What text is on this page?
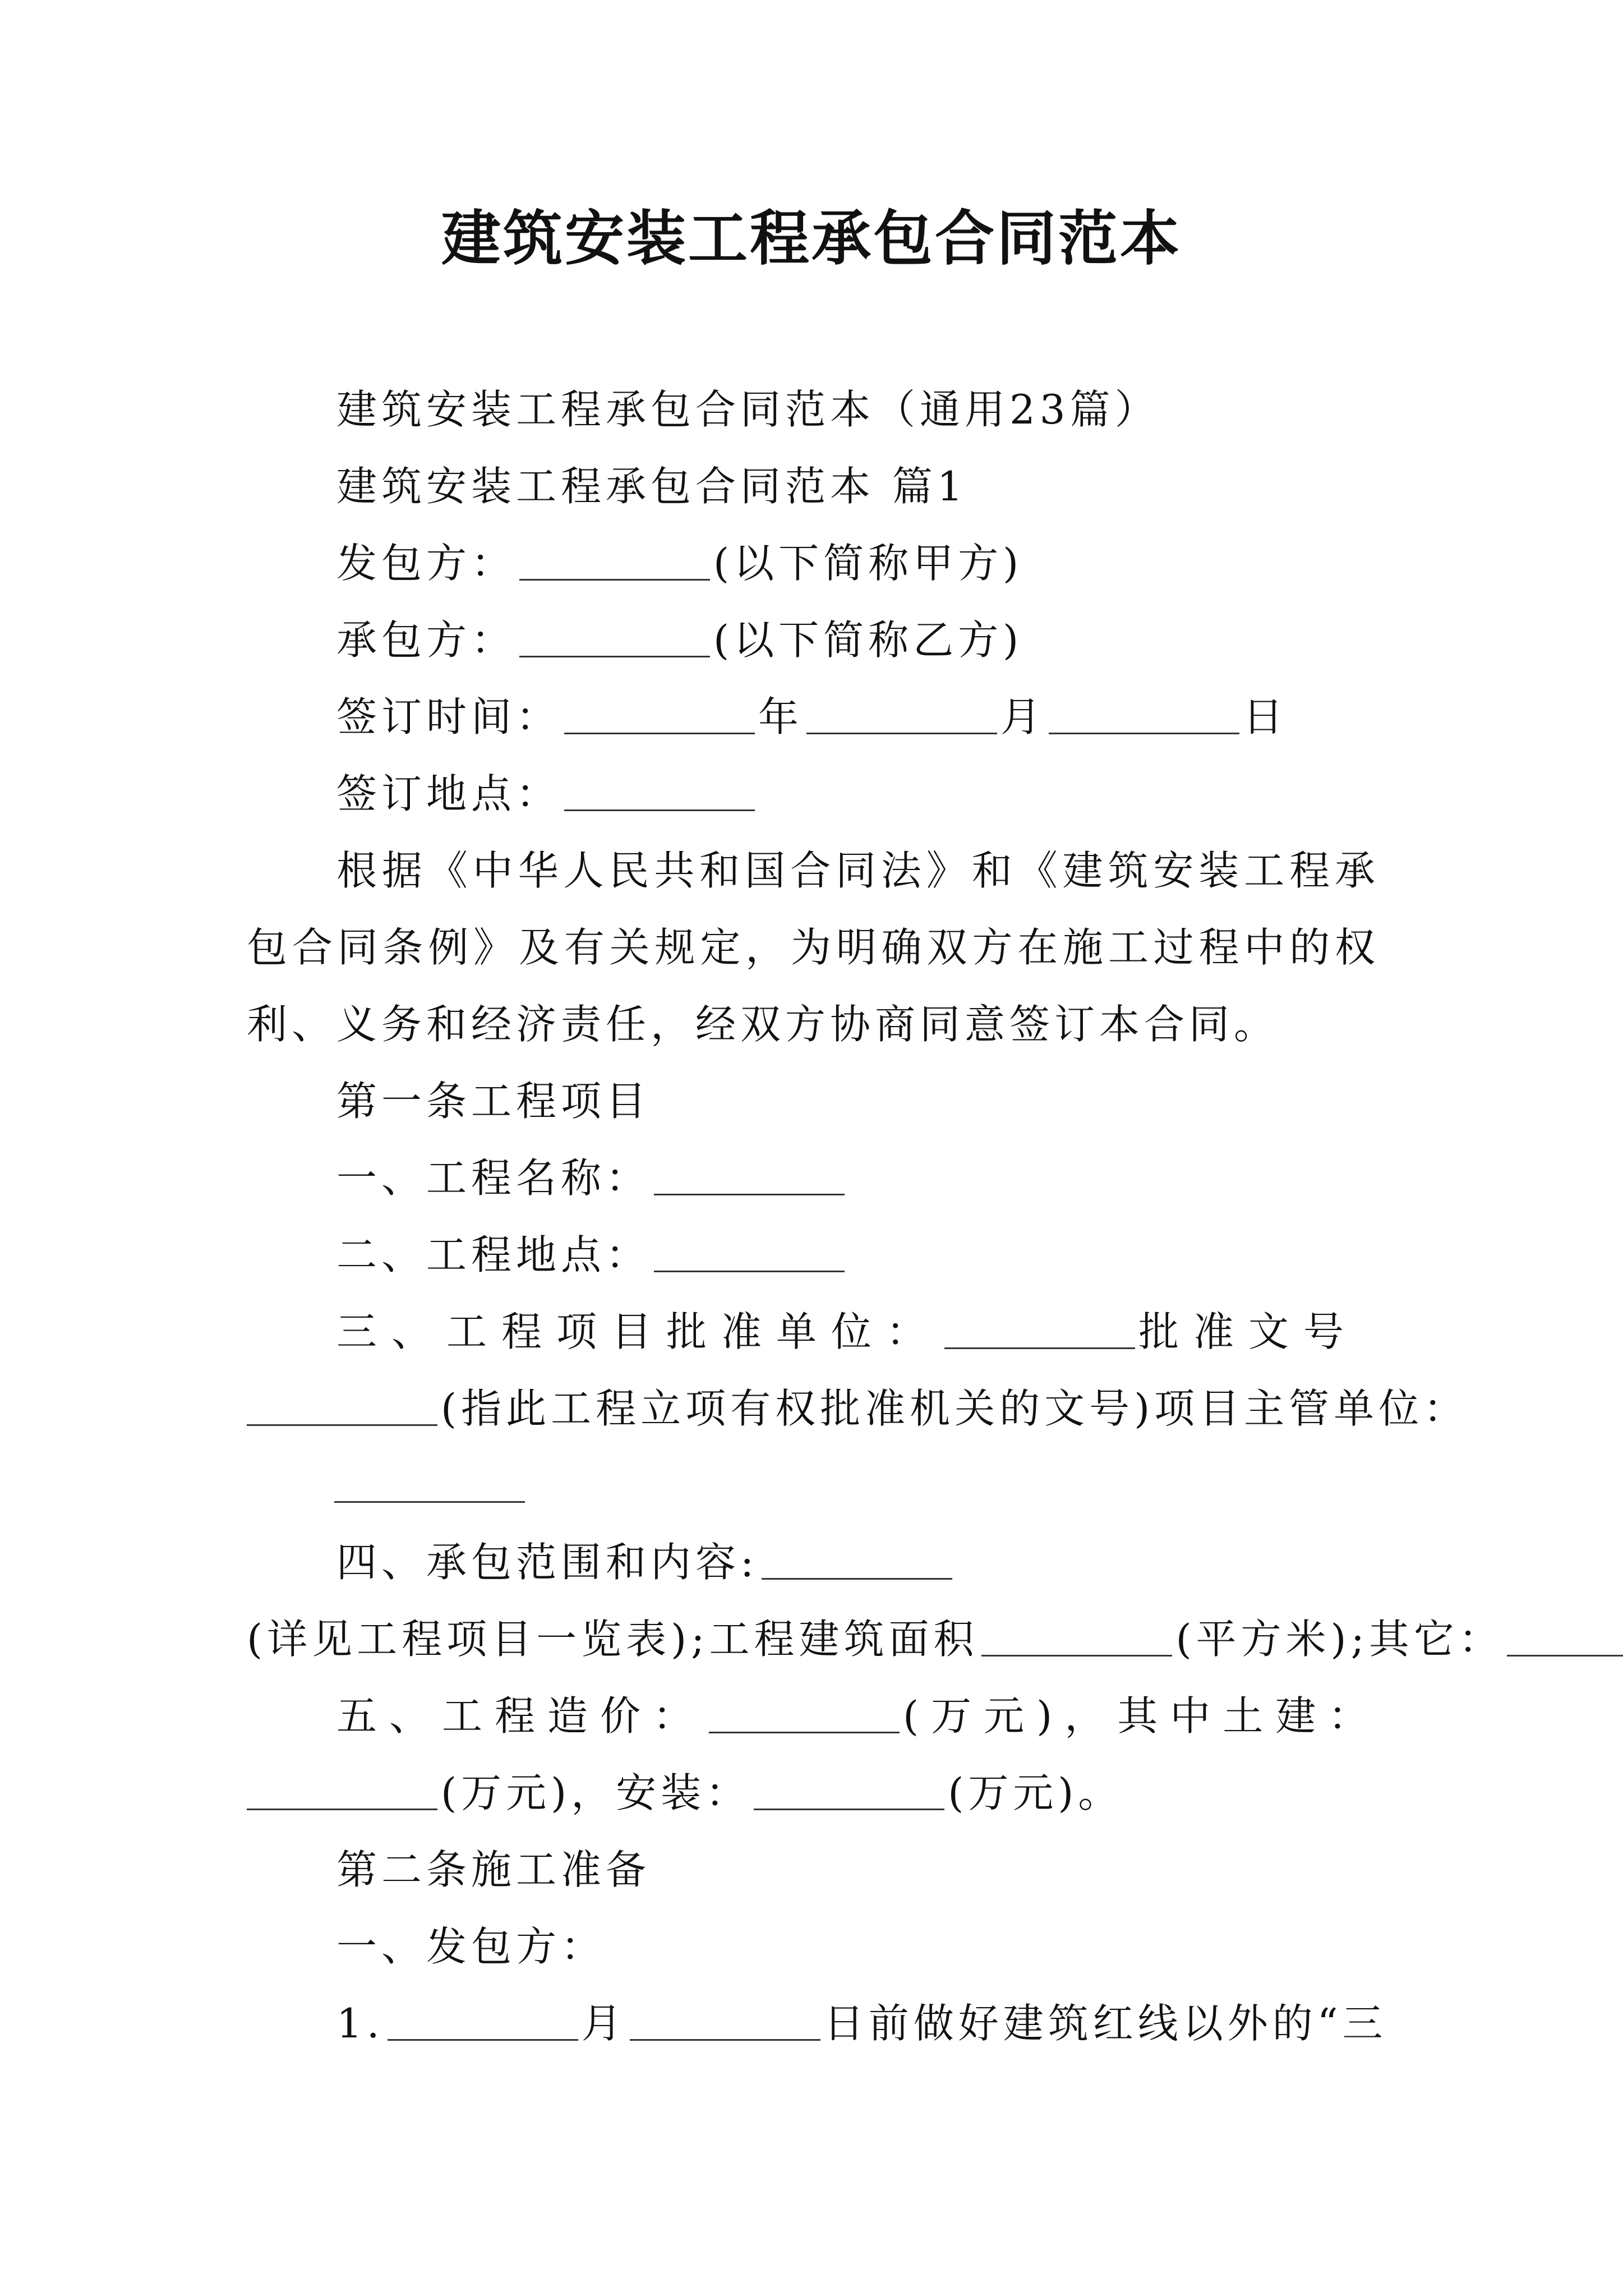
建筑安装工程承包合同范本
建筑安装工程承包合同范本（通用23篇）
建筑安装工程承包合同范本 篇1
发包方：	(以下简称甲方)
承包方：	(以下简称乙方)
签订时间：	年	月	日
签订地点：
根据《中华人民共和国合同法》和《建筑安装工程承包合同条例》及有关规定，为明确双方在施工过程中的权利、义务和经济责任，经双方协商同意签订本合同。
第一条工程项目
一、工程名称：
二、工程地点：
三、工程项目批准单位：	批准文号
(指此工程立项有权批准机关的文号)项目主管单位：
四、承包范围和内容:
(详见工程项目一览表);工程建筑面积	(平方米);其它：
五、工程造价：	(万元)，其中土建：
(万元)，安装：	(万元)。
第二条施工准备
一、发包方：
1.	月	日前做好建筑红线以外的“三
